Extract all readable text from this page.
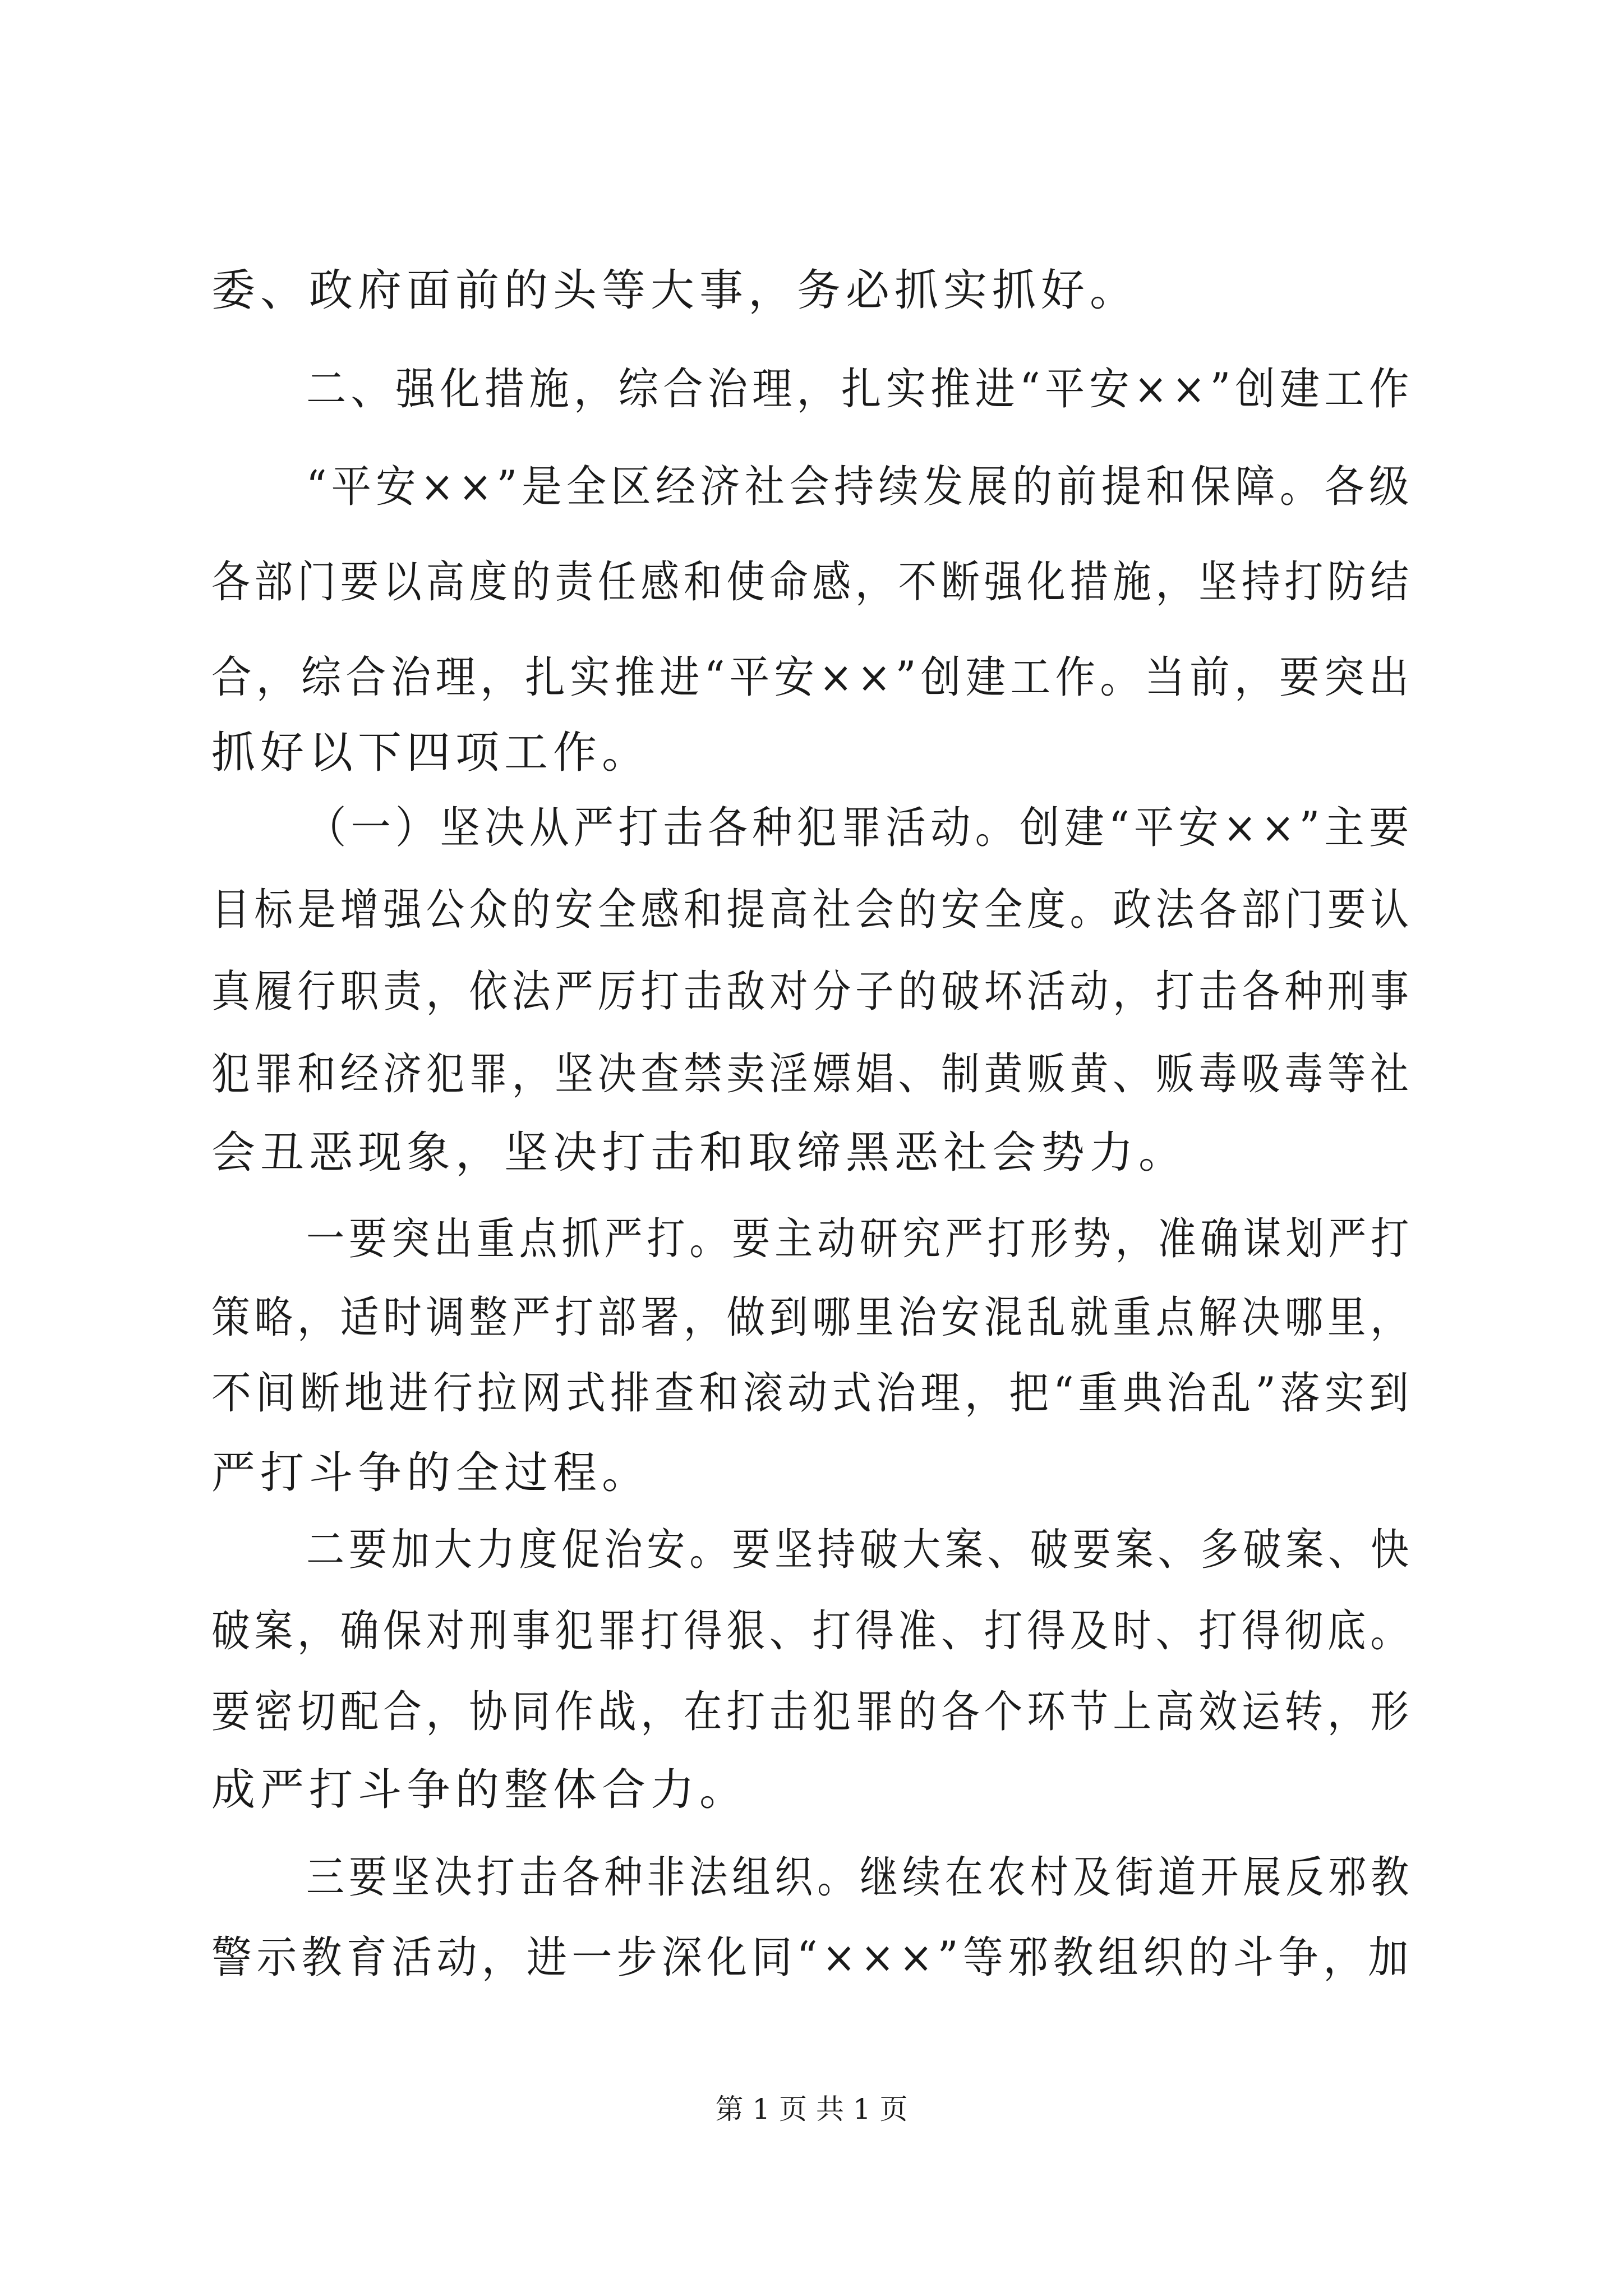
委、政府面前的头等大事，务必抓实抓好。
二、强化措施，综合治理，扎实推进“平安××”创建工作
“平安××”是全区经济社会持续发展的前提和保障。各级
各部门要以高度的责任感和使命感，不断强化措施，坚持打防结
合，综合治理，扎实推进“平安××”创建工作。当前，要突出
抓好以下四项工作。
（一）坚决从严打击各种犯罪活动。创建“平安××”主要
目标是增强公众的安全感和提高社会的安全度。政法各部门要认
真履行职责，依法严厉打击敌对分子的破坏活动，打击各种刑事
犯罪和经济犯罪，坚决查禁卖淫嫖娼、制黄贩黄、贩毒吸毒等社
会丑恶现象，坚决打击和取缔黑恶社会势力。
一要突出重点抓严打。要主动研究严打形势，准确谋划严打
策略，适时调整严打部署，做到哪里治安混乱就重点解决哪里，
不间断地进行拉网式排查和滚动式治理，把“重典治乱”落实到
严打斗争的全过程。
二要加大力度促治安。要坚持破大案、破要案、多破案、快
破案，确保对刑事犯罪打得狠、打得准、打得及时、打得彻底。
要密切配合，协同作战，在打击犯罪的各个环节上高效运转，形
成严打斗争的整体合力。
三要坚决打击各种非法组织。继续在农村及街道开展反邪教
警示教育活动，进一步深化同“×××”等邪教组织的斗争，加
第 1 页 共 1 页
